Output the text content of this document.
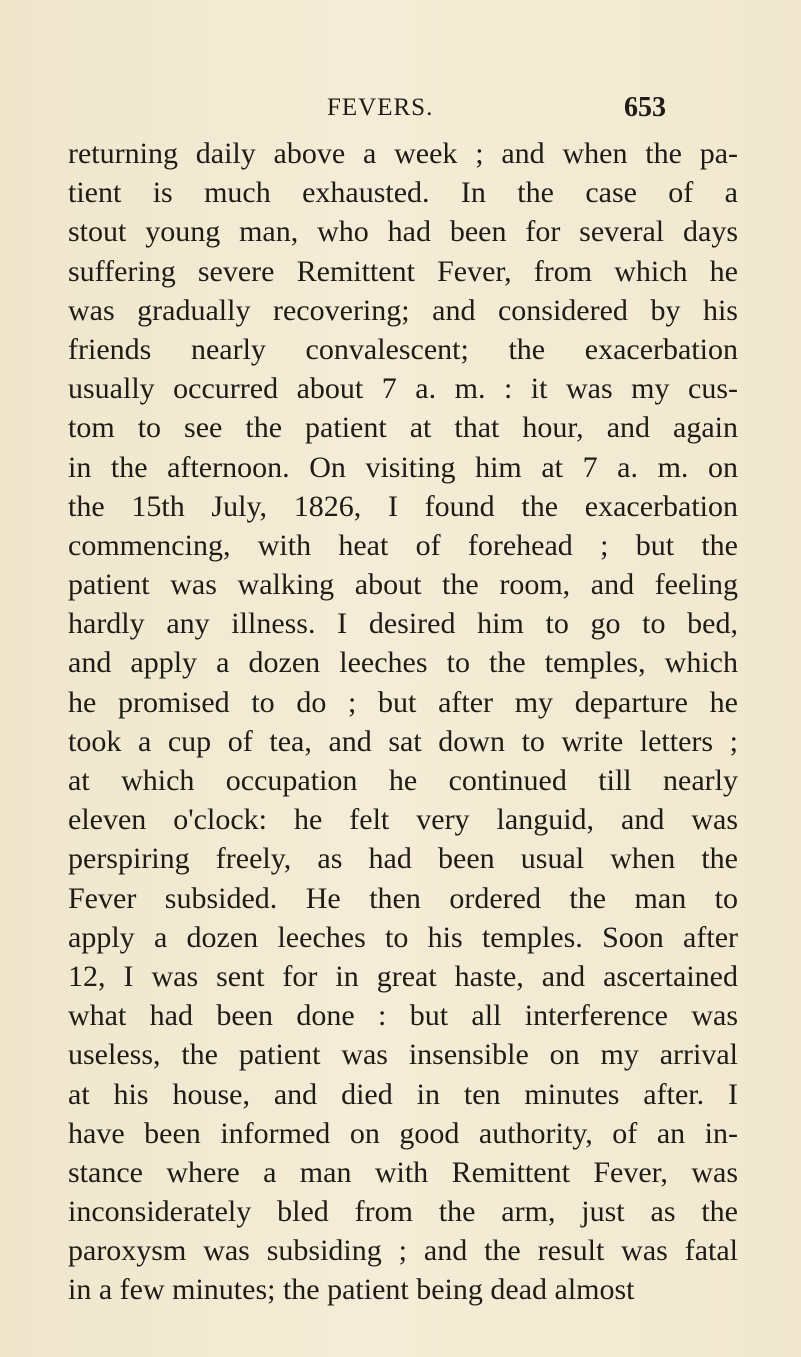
FEVERS.	653
returning daily above a week ; and when the pa-
tient is much exhausted. In the case of a
stout young man, who had been for several days
suffering severe Remittent Fever, from which he
was gradually recovering; and considered by his
friends nearly convalescent; the exacerbation
usually occurred about 7 a. m. : it was my cus-
tom to see the patient at that hour, and again
in the afternoon. On visiting him at 7 a. m. on
the 15th July, 1826, I found the exacerbation
commencing, with heat of forehead ; but the
patient was walking about the room, and feeling
hardly any illness. I desired him to go to bed,
and apply a dozen leeches to the temples, which
he promised to do ; but after my departure he
took a cup of tea, and sat down to write letters ;
at which occupation he continued till nearly
eleven o'clock: he felt very languid, and was
perspiring freely, as had been usual when the
Fever subsided. He then ordered the man to
apply a dozen leeches to his temples. Soon after
12, I was sent for in great haste, and ascertained
what had been done : but all interference was
useless, the patient was insensible on my arrival
at his house, and died in ten minutes after. I
have been informed on good authority, of an in-
stance where a man with Remittent Fever, was
inconsiderately bled from the arm, just as the
paroxysm was subsiding ; and the result was fatal
in a few minutes; the patient being dead almost
